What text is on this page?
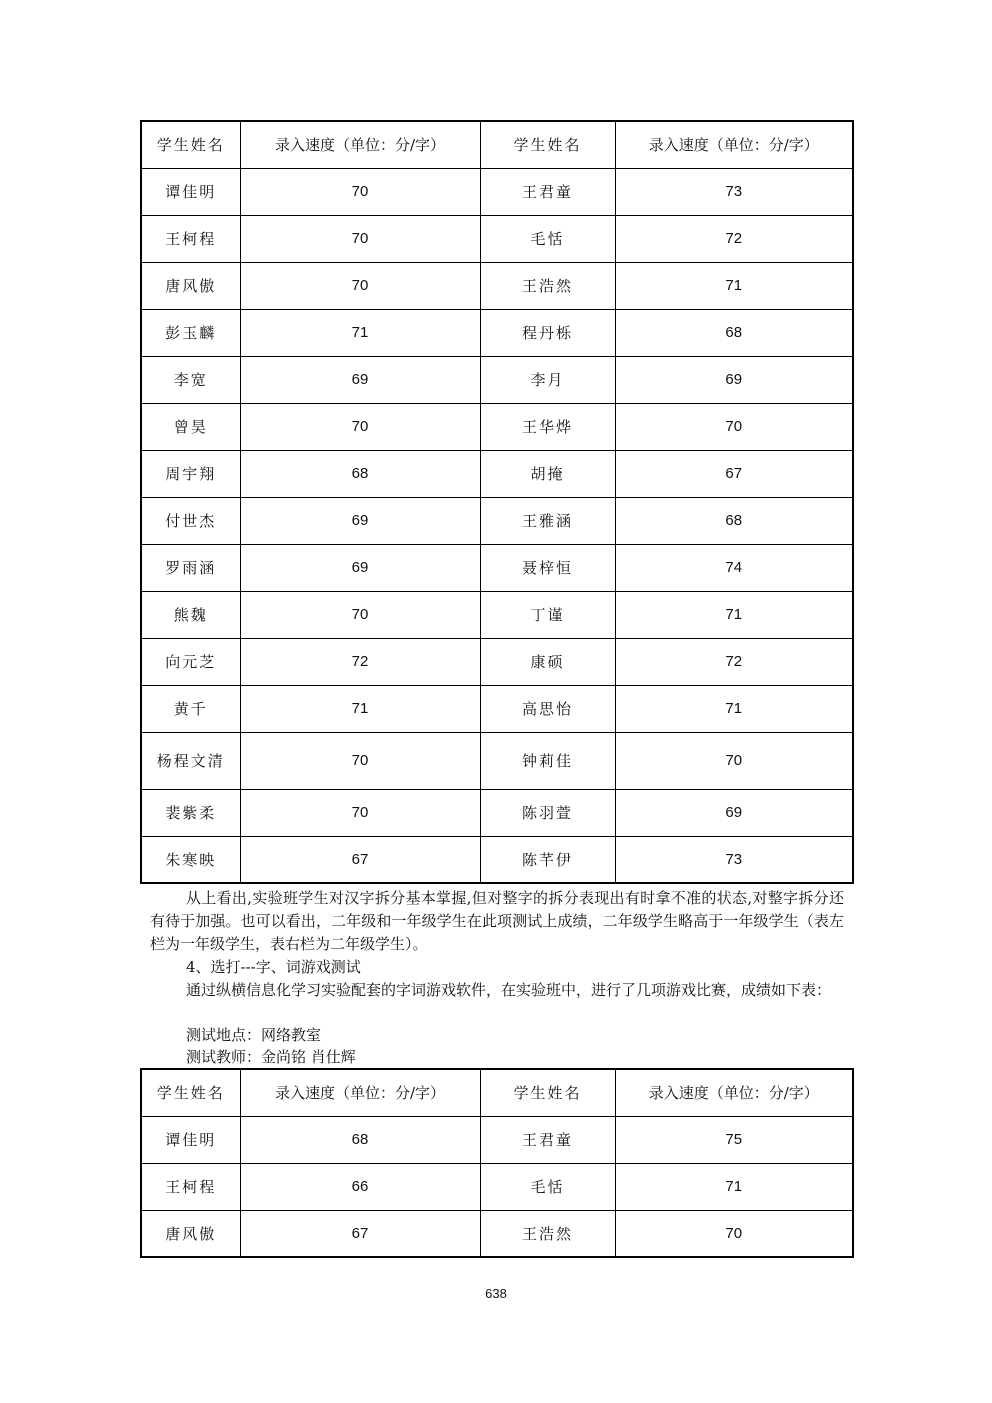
学生姓名	录入速度（单位：分/字）	学生姓名	录入速度（单位：分/字）
谭佳明	70	王君童	73
王柯程	70	毛恬	72
唐风傲	70	王浩然	71
彭玉麟	71	程丹栎	68
李宽	69	李月	69
曾昊	70	王华烨	70
周宇翔	68	胡掩	67
付世杰	69	王雅涵	68
罗雨涵	69	聂梓恒	74
熊魏	70	丁谨	71
向元芝	72	康硕	72
黄千	71	高思怡	71
杨程文清	70	钟莉佳	70
裴紫柔	70	陈羽萱	69
朱寒映	67	陈芊伊	73

从上看出,实验班学生对汉字拆分基本掌握,但对整字的拆分表现出有时拿不准的状态,对整字拆分还有待于加强。也可以看出，二年级和一年级学生在此项测试上成绩，二年级学生略高于一年级学生（表左栏为一年级学生，表右栏为二年级学生）。

4、选打---字、词游戏测试

通过纵横信息化学习实验配套的字词游戏软件，在实验班中，进行了几项游戏比赛，成绩如下表：

测试地点：网络教室

测试教师：金尚铭 肖仕辉

学生姓名	录入速度（单位：分/字）	学生姓名	录入速度（单位：分/字）
谭佳明	68	王君童	75
王柯程	66	毛恬	71
唐风傲	67	王浩然	70
638
